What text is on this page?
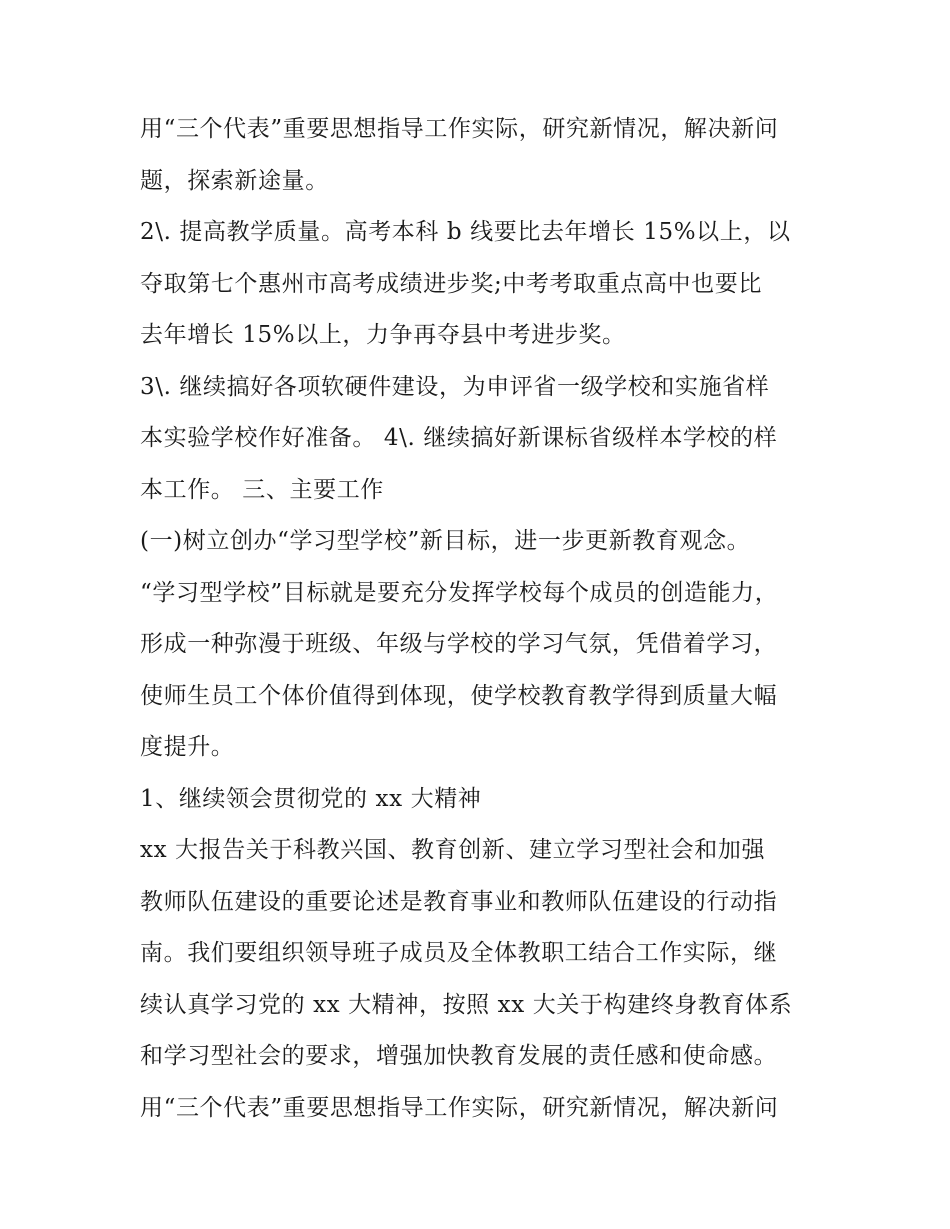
用“三个代表”重要思想指导工作实际，研究新情况，解决新问
题，探索新途量。
2\. 提高教学质量。高考本科 b 线要比去年增长 15%以上，以
夺取第七个惠州市高考成绩进步奖;中考考取重点高中也要比
去年增长 15%以上，力争再夺县中考进步奖。
3\. 继续搞好各项软硬件建设，为申评省一级学校和实施省样
本实验学校作好准备。 4\. 继续搞好新课标省级样本学校的样
本工作。 三、主要工作
(一)树立创办“学习型学校”新目标，进一步更新教育观念。
“学习型学校”目标就是要充分发挥学校每个成员的创造能力，
形成一种弥漫于班级、年级与学校的学习气氛，凭借着学习，
使师生员工个体价值得到体现，使学校教育教学得到质量大幅
度提升。
1、继续领会贯彻党的 xx 大精神
xx 大报告关于科教兴国、教育创新、建立学习型社会和加强
教师队伍建设的重要论述是教育事业和教师队伍建设的行动指
南。我们要组织领导班子成员及全体教职工结合工作实际，继
续认真学习党的 xx 大精神，按照 xx 大关于构建终身教育体系
和学习型社会的要求，增强加快教育发展的责任感和使命感。
用“三个代表”重要思想指导工作实际，研究新情况，解决新问
